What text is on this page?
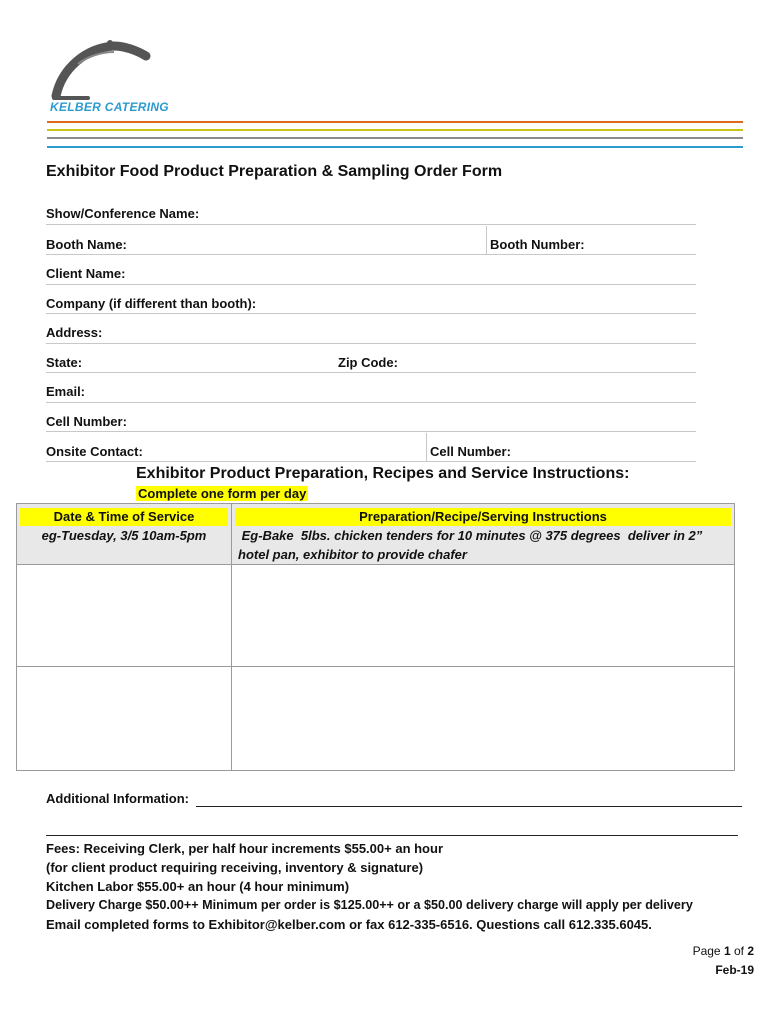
KELBER CATERING
Exhibitor Food Product Preparation & Sampling Order Form
Show/Conference Name:
Booth Name:	Booth Number:
Client Name:
Company (if different than booth):
Address:
State:	Zip Code:
Email:
Cell Number:
Onsite Contact:	Cell Number:
Exhibitor Product Preparation, Recipes and Service Instructions:
Complete one form per day
Date & Time of Service	Preparation/Recipe/Serving Instructions
eg-Tuesday, 3/5 10am-5pm	Eg-Bake  5lbs. chicken tenders for 10 minutes @ 375 degrees  deliver in 2”
hotel pan, exhibitor to provide chafer
Additional Information:
Fees: Receiving Clerk, per half hour increments $55.00+ an hour
(for client product requiring receiving, inventory & signature)
Kitchen Labor $55.00+ an hour (4 hour minimum)
Delivery Charge $50.00++ Minimum per order is $125.00++ or a $50.00 delivery charge will apply per delivery
Email completed forms to Exhibitor@kelber.com or fax 612-335-6516. Questions call 612.335.6045.
Page 1 of 2
Feb-19
